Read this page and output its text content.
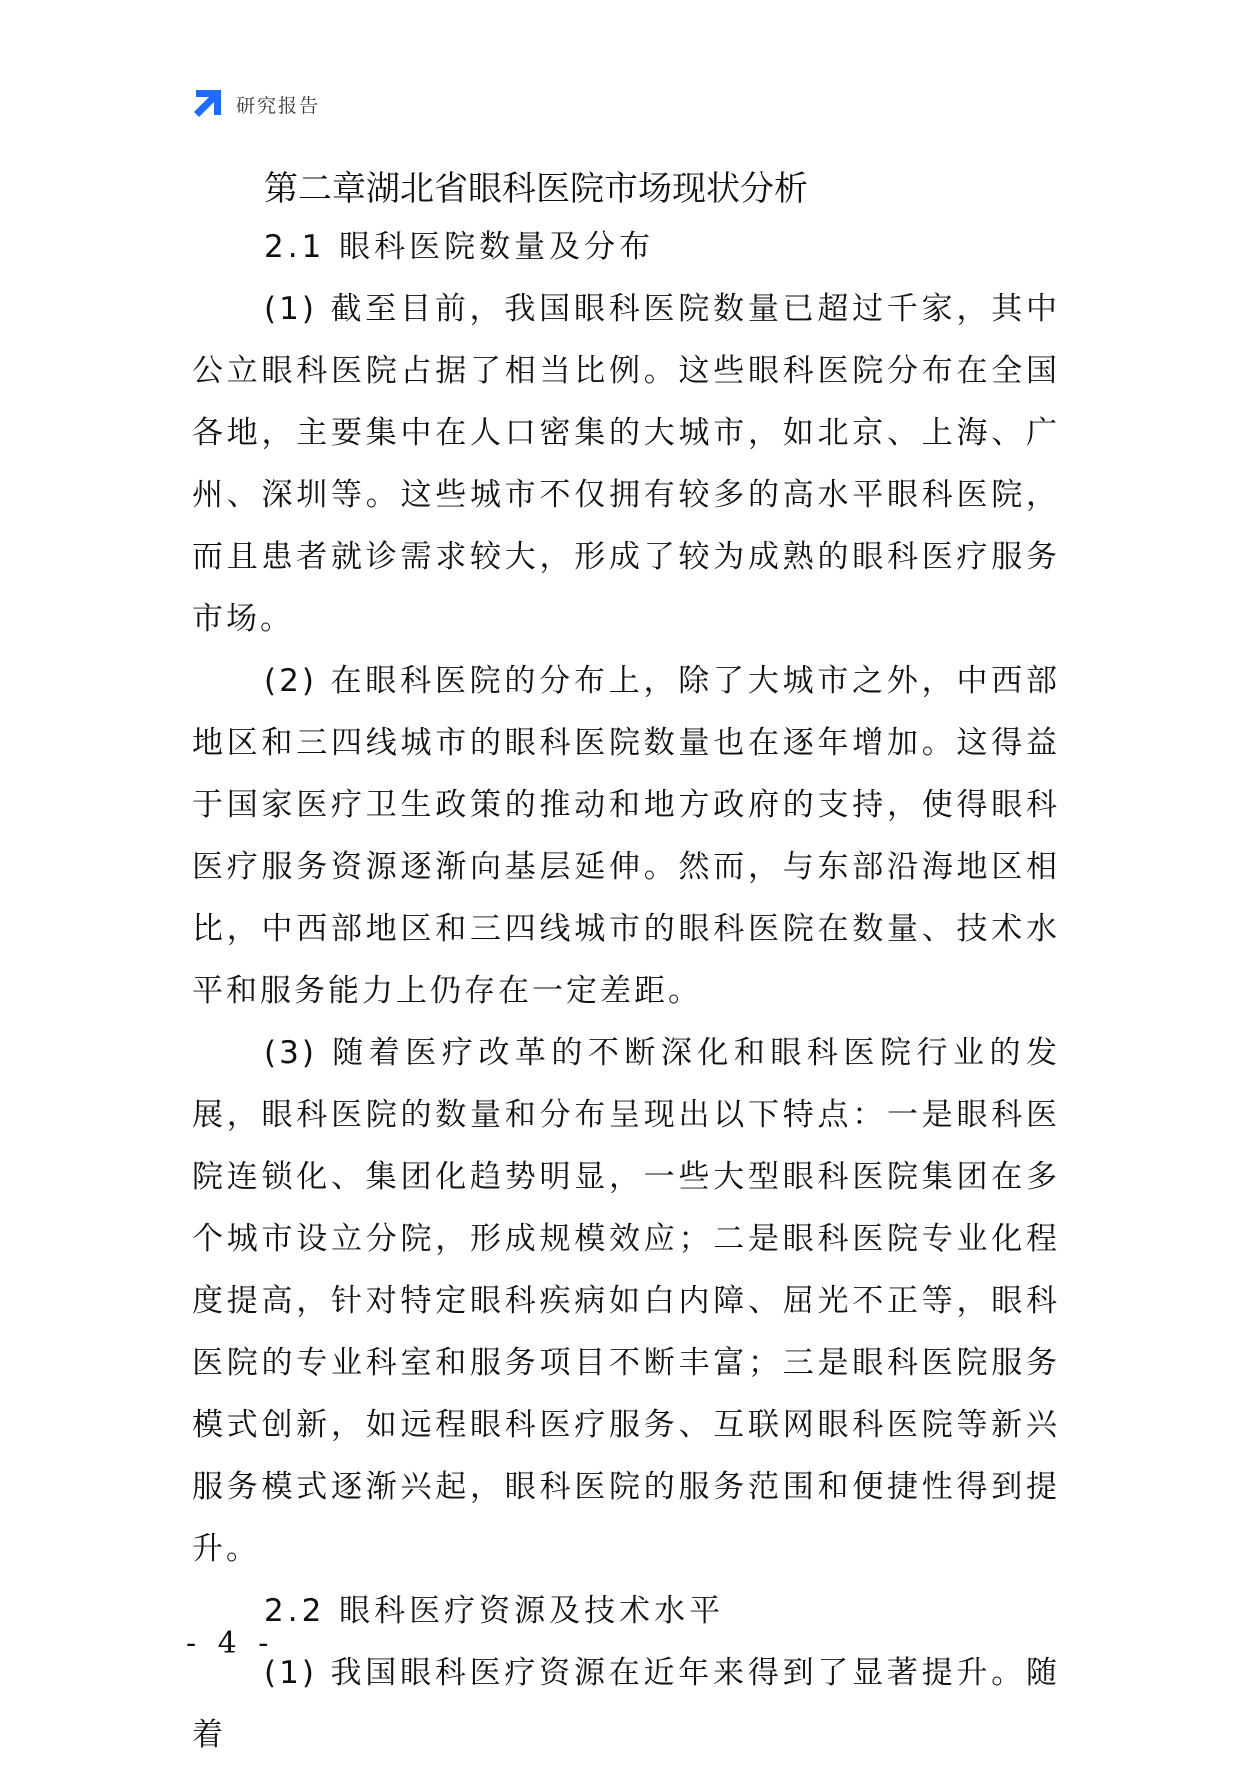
研究报告
第二章湖北省眼科医院市场现状分析
2.1 眼科医院数量及分布

(1) 截至目前，我国眼科医院数量已超过千家，其中公立眼科医院占据了相当比例。这些眼科医院分布在全国各地，主要集中在人口密集的大城市，如北京、上海、广州、深圳等。这些城市不仅拥有较多的高水平眼科医院，而且患者就诊需求较大，形成了较为成熟的眼科医疗服务市场。

(2) 在眼科医院的分布上，除了大城市之外，中西部地区和三四线城市的眼科医院数量也在逐年增加。这得益于国家医疗卫生政策的推动和地方政府的支持，使得眼科医疗服务资源逐渐向基层延伸。然而，与东部沿海地区相比，中西部地区和三四线城市的眼科医院在数量、技术水平和服务能力上仍存在一定差距。

(3) 随着医疗改革的不断深化和眼科医院行业的发展，眼科医院的数量和分布呈现出以下特点：一是眼科医院连锁化、集团化趋势明显，一些大型眼科医院集团在多个城市设立分院，形成规模效应；二是眼科医院专业化程度提高，针对特定眼科疾病如白内障、屈光不正等，眼科医院的专业科室和服务项目不断丰富；三是眼科医院服务模式创新，如远程眼科医疗服务、互联网眼科医院等新兴服务模式逐渐兴起，眼科医院的服务范围和便捷性得到提升。

2.2 眼科医疗资源及技术水平

(1) 我国眼科医疗资源在近年来得到了显著提升。随着

- 4 -
